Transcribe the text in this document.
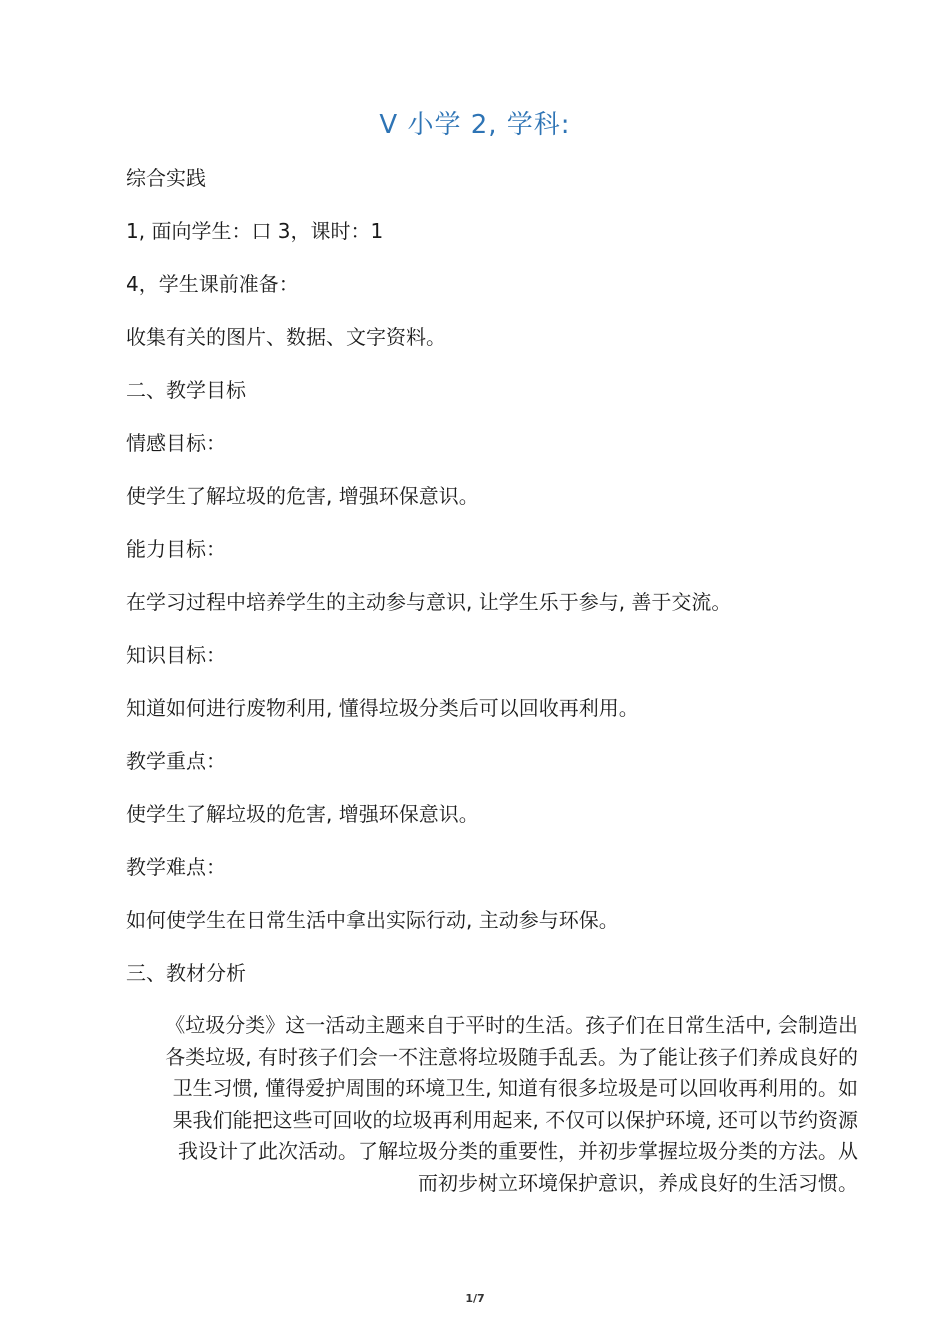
V 小学 2, 学科:
综合实践
1, 面向学生：口 3，课时：1
4，学生课前准备：
收集有关的图片、数据、文字资料。
二、教学目标
情感目标：
使学生了解垃圾的危害, 增强环保意识。
能力目标：
在学习过程中培养学生的主动参与意识, 让学生乐于参与, 善于交流。
知识目标：
知道如何进行废物利用, 懂得垃圾分类后可以回收再利用。
教学重点：
使学生了解垃圾的危害, 增强环保意识。
教学难点：
如何使学生在日常生活中拿出实际行动, 主动参与环保。
三、教材分析
《垃圾分类》这一活动主题来自于平时的生活。孩子们在日常生活中, 会制造出
各类垃圾, 有时孩子们会一不注意将垃圾随手乱丢。为了能让孩子们养成良好的
卫生习惯, 懂得爱护周围的环境卫生, 知道有很多垃圾是可以回收再利用的。如
果我们能把这些可回收的垃圾再利用起来, 不仅可以保护环境, 还可以节约资源
我设计了此次活动。了解垃圾分类的重要性，并初步掌握垃圾分类的方法。从
而初步树立环境保护意识，养成良好的生活习惯。
1/7
